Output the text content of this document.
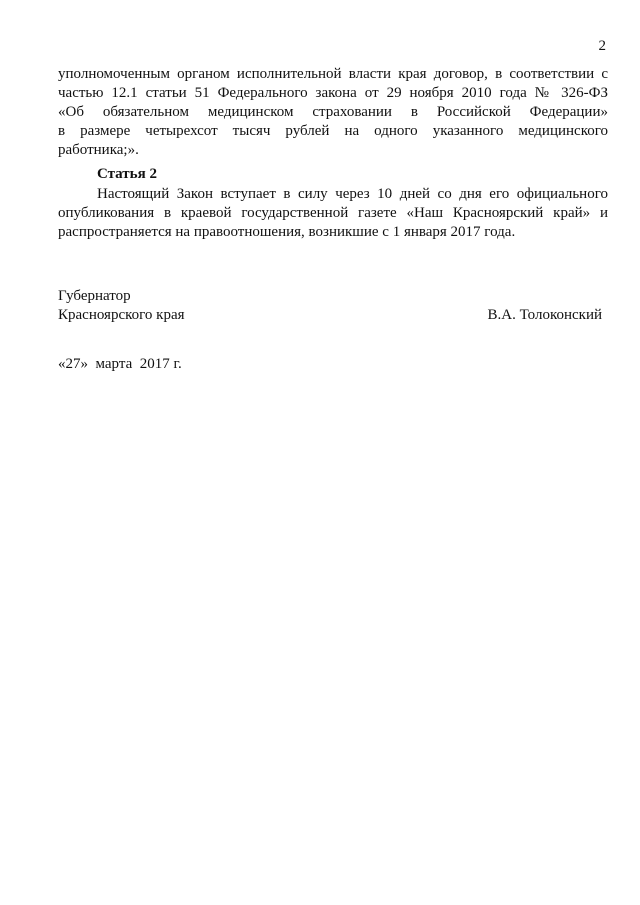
2
уполномоченным органом исполнительной власти края договор, в соответствии с
частью 12.1 статьи 51 Федерального закона от 29 ноября 2010 года № 326-ФЗ
«Об обязательном медицинском страховании в Российской Федерации»
в размере четырехсот тысяч рублей на одного указанного медицинского
работника;».
Статья 2
Настоящий Закон вступает в силу через 10 дней со дня его официального
опубликования в краевой государственной газете «Наш Красноярский край» и
распространяется на правоотношения, возникшие с 1 января 2017 года.
Губернатор
Красноярского края	В.А. Толоконский
«27»  марта  2017 г.
